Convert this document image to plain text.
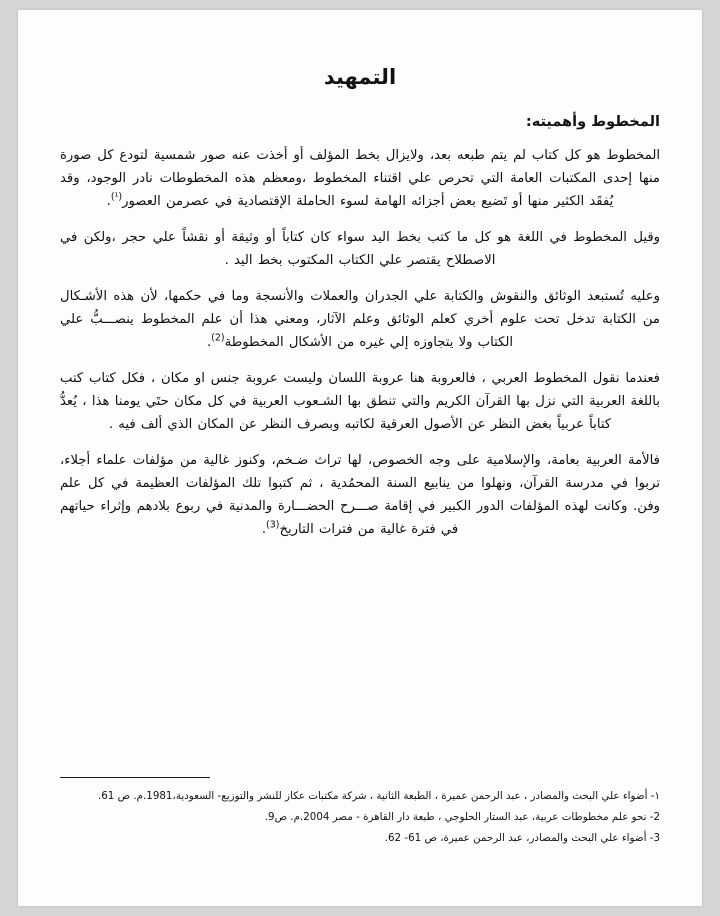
التمهيد
المخطوط وأهميته:

المخطوط هو كل كتاب لم يتم طبعه بعد، ولايزال بخط المؤلف أو أخذت عنه صور شمسية لتودع كل صورة منها إحدى المكتبات العامة التي تحرص علي اقتناء المخطوط ،ومعظم هذه المخطوطات نادر الوجود، وقد يُفقَد الكثير منها أو تَضيع بعض أجزائه الهامة لسوء الحاملة الإقتصادية في عصرمن العصور$^{(^1)}$.

وقيل المخطوط في اللغة هو كل ما كتب بخط اليد سواء كان كتاباً أو وثيقة أو نقشاً علي حجر ،ولكن في الاصطلاح يقتصر علي الكتاب المكتوب بخط اليد .

وعليه تُستبعد الوثائق والنقوش والكتابة علي الجدران والعملات والأنسجة وما في حكمها، لأن هذه الأشـكال من الكتابة تدخل تحت علوم أخري كعلم الوثائق وعلم الآثار، ومعني هذا أن علم المخطوط ينصـــبُّ علي الكتاب ولا يتجاوزه إلي غيره من الأشكال المخطوطة$^{(2)}$.

فعندما نقول المخطوط العربي ، فالعروبة هنا عروبة اللسان وليست عروبة جنس او مكان ، فكل كتاب كتب باللغة العربية التي نزل بها القرآن الكريم والتي تنطق بها الشـعوب العربية في كل مكان حتَي يومنا هذا ، يُعدُّ كتاباً عربياً بغض النظر عن الأصول العرقية لكاتبه وبصرف النظر عن المكان الذي ألف فيه .

فالأمة العربية بعامة، والإسلامية على وجه الخصوص، لها تراث ضـخم، وكنوز غالية من مؤلفات علماء أجلاء، تربوا في مدرسة القرآن، ونهلوا من ينابيع السنة المحمُدية ، ثم كتبوا تلك المؤلفات العظيمة في كل علم وفن. وكانت لهذه المؤلفات الدور الكبير في إقامة صـــرح الحضـــارة والمدنية في ربوع بلادهم وإثراء حياتهم في فترة غالية من فترات التاريخ$^{(3)}$.

١- أضواء علي البحث والمصادر ، عبد الرحمن عميرة ، الطبعة الثانية ، شركة مكتبات عكاز للنشر والتوزيع- السعودية،1981.م. ص 61.
2- نحو علم مخطوطات عربية، عبد الستار الحلوجي ، طبعة دار القاهرة - مصر 2004.م. ص9.
3- أضواء علي البحث والمصادر، عبد الرحمن عميرة، ص 61- 62.
